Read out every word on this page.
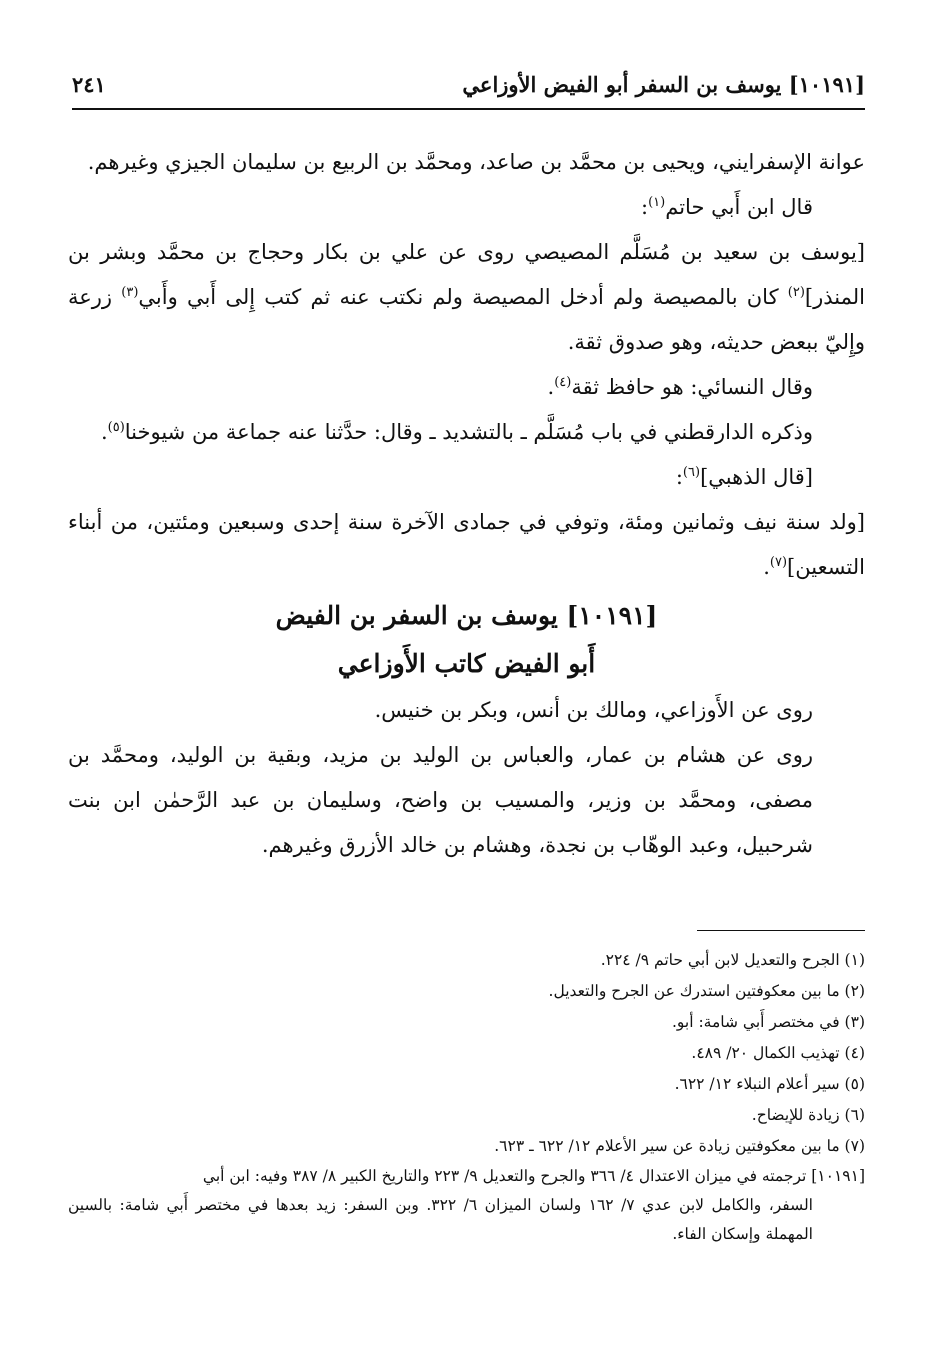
[١٠١٩١] يوسف بن السفر أبو الفيض الأوزاعي
٢٤١

عوانة الإسفرايني، ويحيى بن محمَّد بن صاعد، ومحمَّد بن الربيع بن سليمان الجيزي وغيرهم.

قال ابن أَبي حاتم$^{(١)}$:

[يوسف بن سعيد بن مُسَلَّم المصيصي روى عن علي بن بكار وحجاج بن محمَّد وبشر بن المنذر]$^{(٢)}$ كان بالمصيصة ولم أدخل المصيصة ولم نكتب عنه ثم كتب إِلى أَبي وأَبي$^{(٣)}$ زرعة وإِليّ ببعض حديثه، وهو صدوق ثقة.

وقال النسائي: هو حافظ ثقة$^{(٤)}$.

وذكره الدارقطني في باب مُسَلَّم ـ بالتشديد ـ وقال: حدَّثنا عنه جماعة من شيوخنا$^{(٥)}$.

[قال الذهبي]$^{(٦)}$:

[ولد سنة نيف وثمانين ومئة، وتوفي في جمادى الآخرة سنة إحدى وسبعين ومئتين، من أبناء التسعين]$^{(٧)}$.

[١٠١٩١] يوسف بن السفر بن الفيض
أَبو الفيض كاتب الأَوزاعي

روى عن الأَوزاعي، ومالك بن أنس، وبكر بن خنيس.

روى عن هشام بن عمار، والعباس بن الوليد بن مزيد، وبقية بن الوليد، ومحمَّد بن مصفى، ومحمَّد بن وزير، والمسيب بن واضح، وسليمان بن عبد الرَّحمٰن ابن بنت شرحبيل، وعبد الوهّاب بن نجدة، وهشام بن خالد الأزرق وغيرهم.

(١) الجرح والتعديل لابن أبي حاتم ٩/ ٢٢٤.

(٢) ما بين معكوفتين استدرك عن الجرح والتعديل.

(٣) في مختصر أَبي شامة: أبو.

(٤) تهذيب الكمال ٢٠/ ٤٨٩.

(٥) سير أعلام النبلاء ١٢/ ٦٢٢.

(٦) زيادة للإيضاح.

(٧) ما بين معكوفتين زيادة عن سير الأعلام ١٢/ ٦٢٢ ـ ٦٢٣.

[١٠١٩١] ترجمته في ميزان الاعتدال ٤/ ٣٦٦ والجرح والتعديل ٩/ ٢٢٣ والتاريخ الكبير ٨/ ٣٨٧ وفيه: ابن أبي
السفر، والكامل لابن عدي ٧/ ١٦٢ ولسان الميزان ٦/ ٣٢٢. وبن السفر: زيد بعدها في مختصر أَبي شامة: بالسين المهملة وإسكان الفاء.
